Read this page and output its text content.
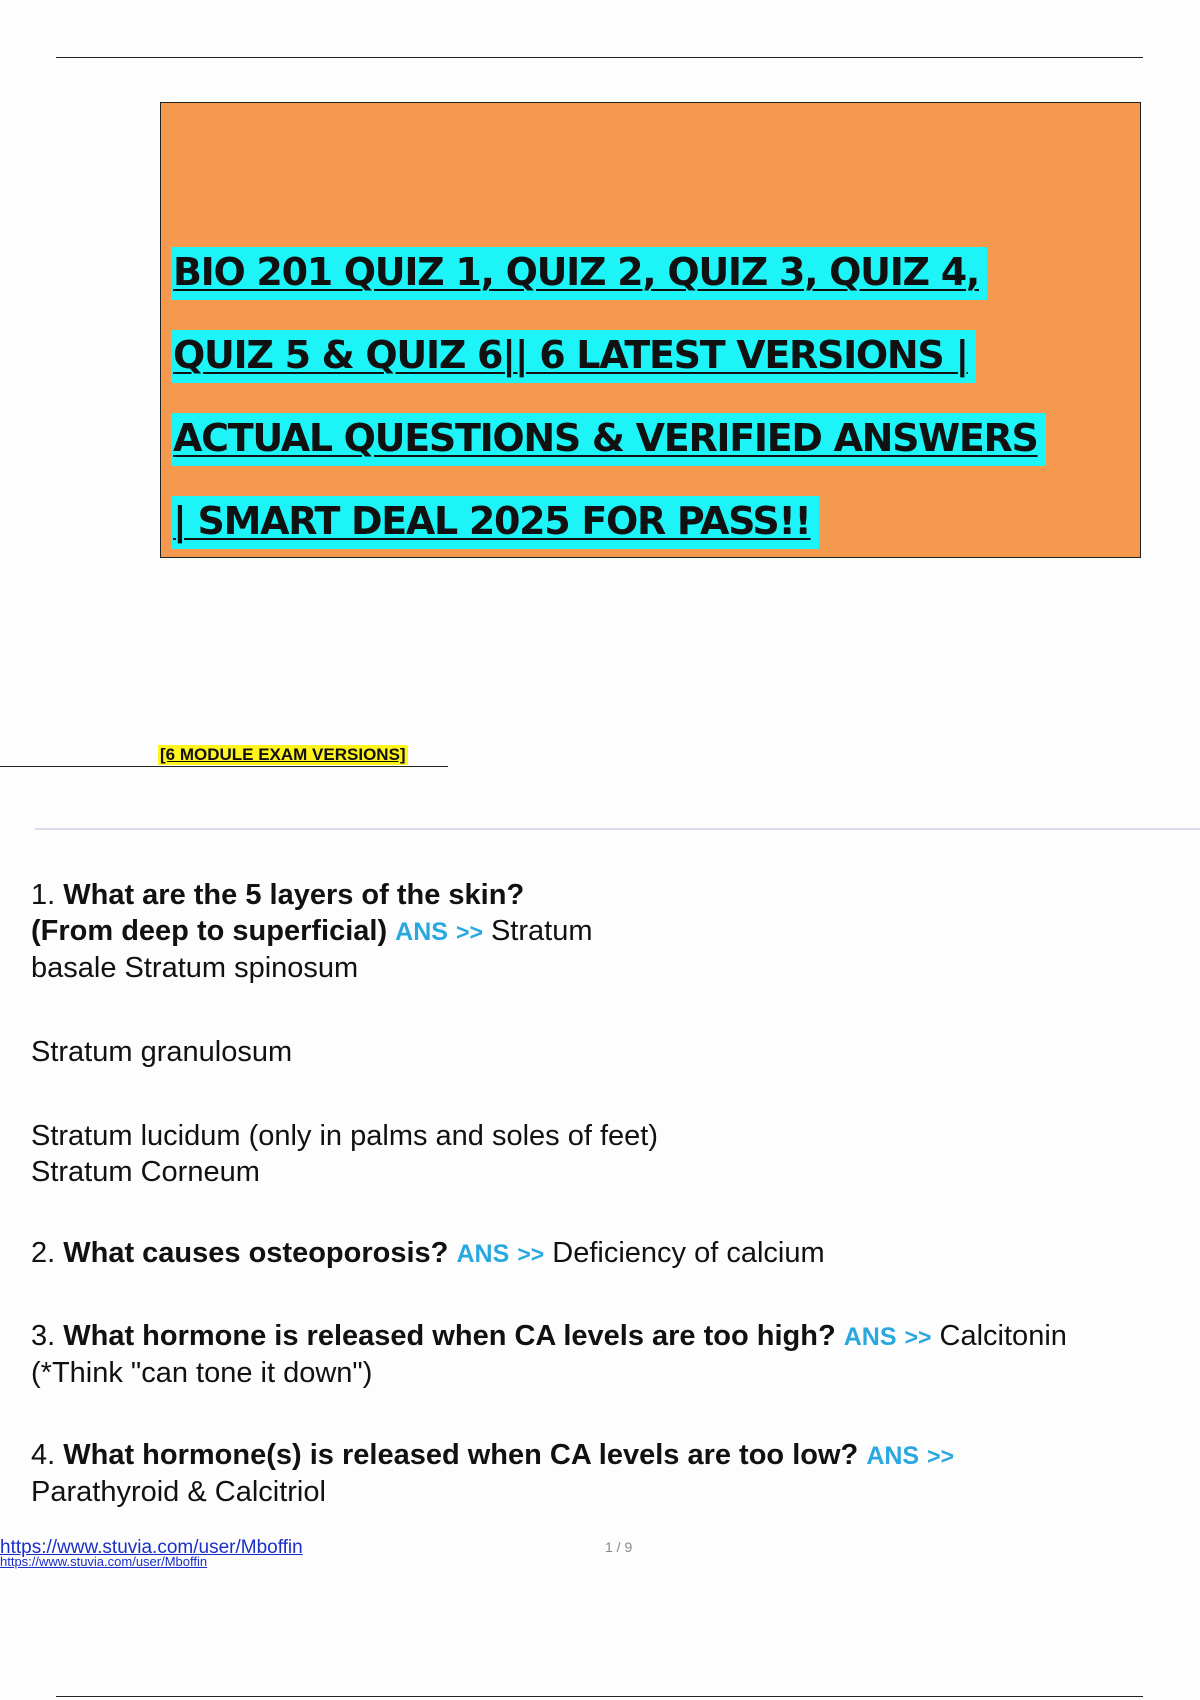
BIO 201 QUIZ 1, QUIZ 2, QUIZ 3, QUIZ 4,
QUIZ 5 & QUIZ 6|| 6 LATEST VERSIONS |
ACTUAL QUESTIONS & VERIFIED ANSWERS
| SMART DEAL 2025 FOR PASS!!
[6 MODULE EXAM VERSIONS]
1. What are the 5 layers of the skin?
(From deep to superficial) ANS >> Stratum
basale Stratum spinosum
Stratum granulosum
Stratum lucidum (only in palms and soles of feet)
Stratum Corneum
2. What causes osteoporosis? ANS >> Deficiency of calcium
3. What hormone is released when CA levels are too high? ANS >> Calcitonin
(*Think "can tone it down")
4. What hormone(s) is released when CA levels are too low? ANS >>
Parathyroid & Calcitriol
https://www.stuvia.com/user/Mboffin
https://www.stuvia.com/user/Mboffin
1 / 9
